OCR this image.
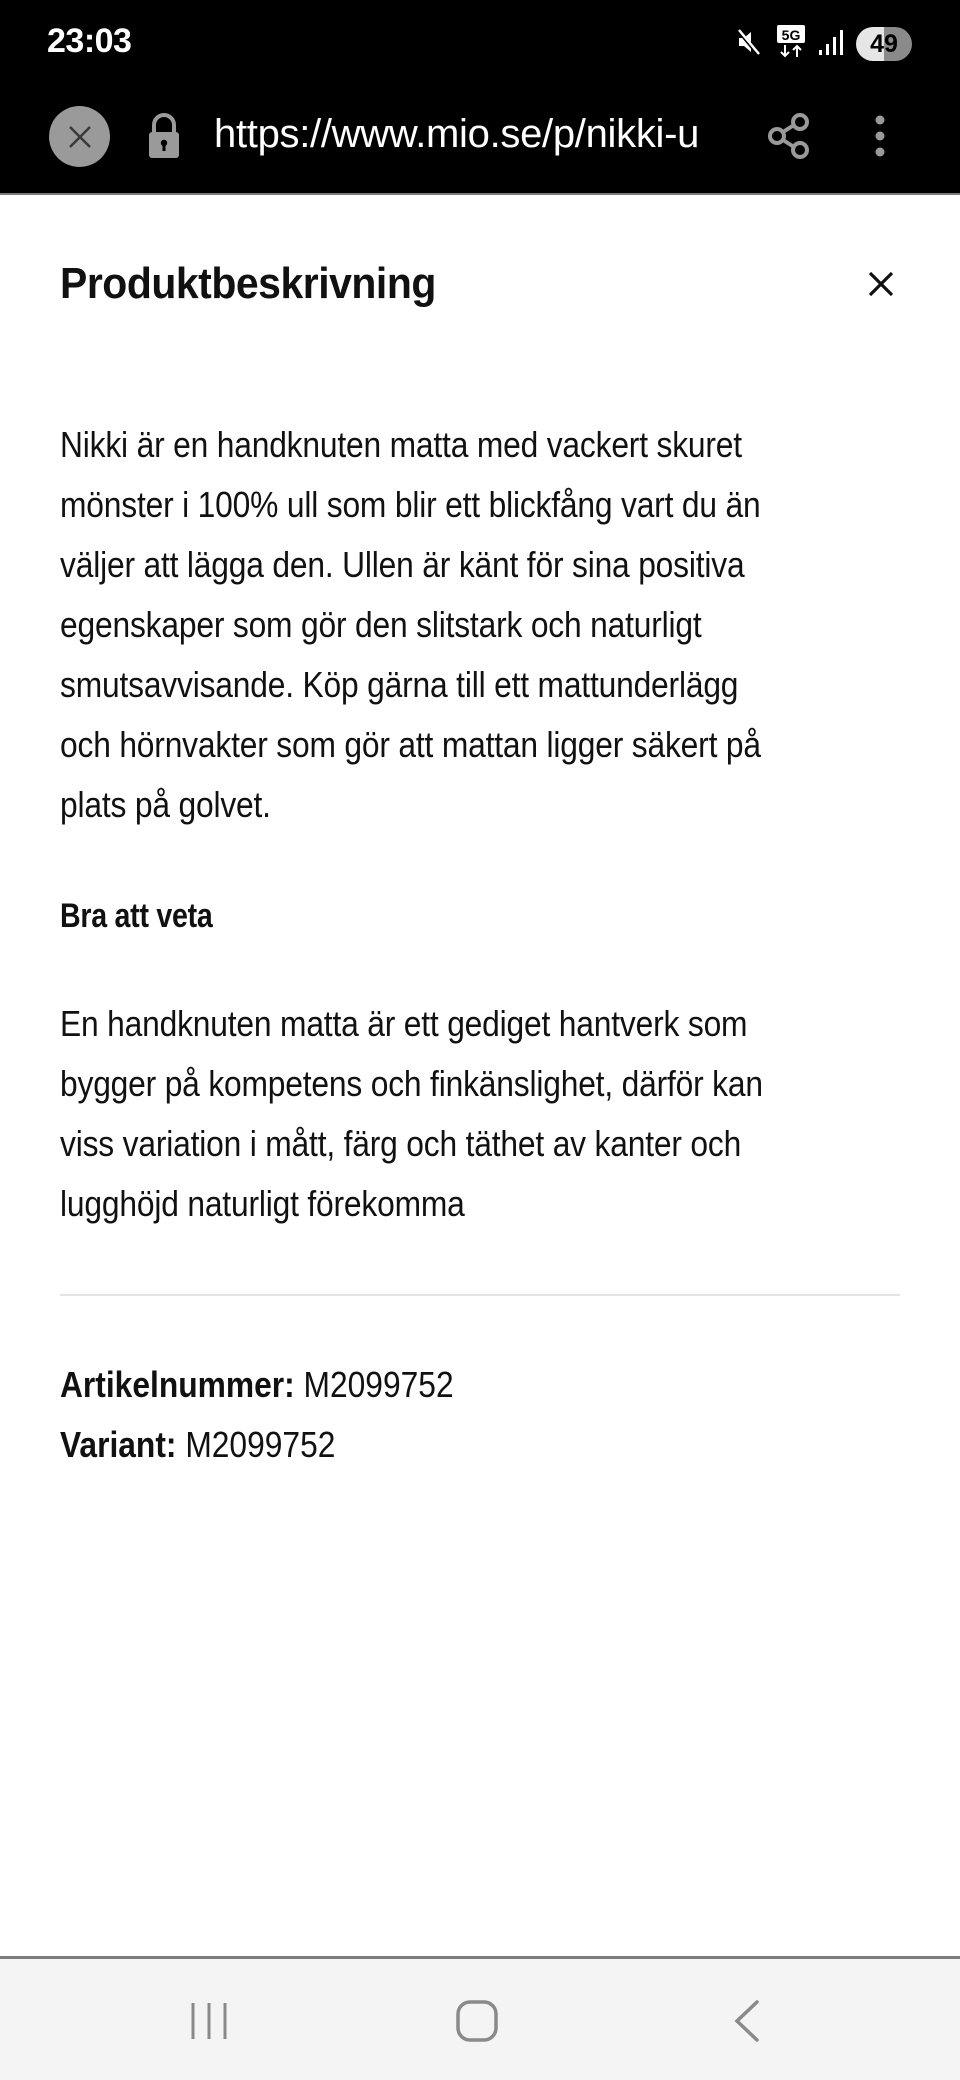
23:03	5G	49
https://www.mio.se/p/nikki-u
Produktbeskrivning
Nikki är en handknuten matta med vackert skuret
mönster i 100% ull som blir ett blickfång vart du än
väljer att lägga den. Ullen är känt för sina positiva
egenskaper som gör den slitstark och naturligt
smutsavvisande. Köp gärna till ett mattunderlägg
och hörnvakter som gör att mattan ligger säkert på
plats på golvet.
Bra att veta
En handknuten matta är ett gediget hantverk som
bygger på kompetens och finkänslighet, därför kan
viss variation i mått, färg och täthet av kanter och
lugghöjd naturligt förekomma
Artikelnummer: M2099752
Variant: M2099752
